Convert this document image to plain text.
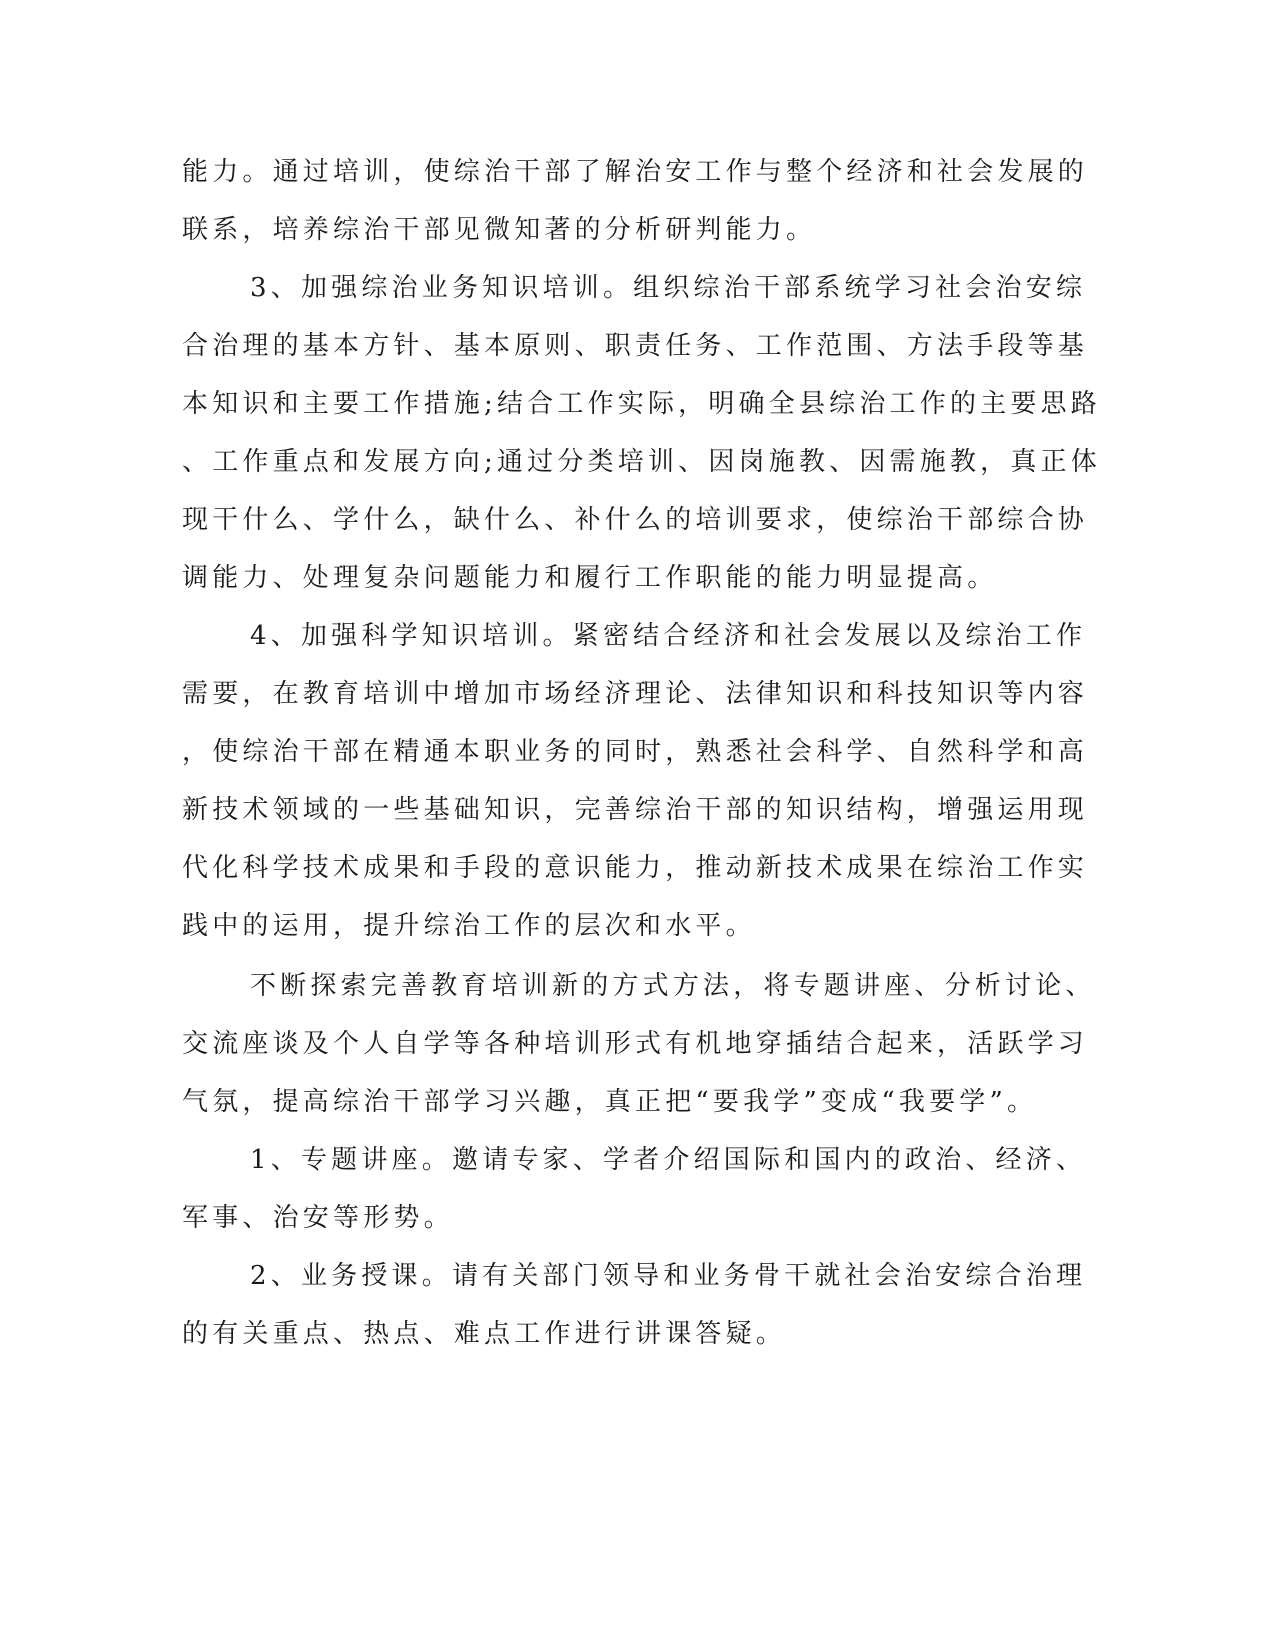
能力。通过培训，使综治干部了解治安工作与整个经济和社会发展的
联系，培养综治干部见微知著的分析研判能力。
3、加强综治业务知识培训。组织综治干部系统学习社会治安综
合治理的基本方针、基本原则、职责任务、工作范围、方法手段等基
本知识和主要工作措施;结合工作实际，明确全县综治工作的主要思路
、工作重点和发展方向;通过分类培训、因岗施教、因需施教，真正体
现干什么、学什么，缺什么、补什么的培训要求，使综治干部综合协
调能力、处理复杂问题能力和履行工作职能的能力明显提高。
4、加强科学知识培训。紧密结合经济和社会发展以及综治工作
需要，在教育培训中增加市场经济理论、法律知识和科技知识等内容
，使综治干部在精通本职业务的同时，熟悉社会科学、自然科学和高
新技术领域的一些基础知识，完善综治干部的知识结构，增强运用现
代化科学技术成果和手段的意识能力，推动新技术成果在综治工作实
践中的运用，提升综治工作的层次和水平。
不断探索完善教育培训新的方式方法，将专题讲座、分析讨论、
交流座谈及个人自学等各种培训形式有机地穿插结合起来，活跃学习
气氛，提高综治干部学习兴趣，真正把“要我学”变成“我要学”。
1、专题讲座。邀请专家、学者介绍国际和国内的政治、经济、
军事、治安等形势。
2、业务授课。请有关部门领导和业务骨干就社会治安综合治理
的有关重点、热点、难点工作进行讲课答疑。
